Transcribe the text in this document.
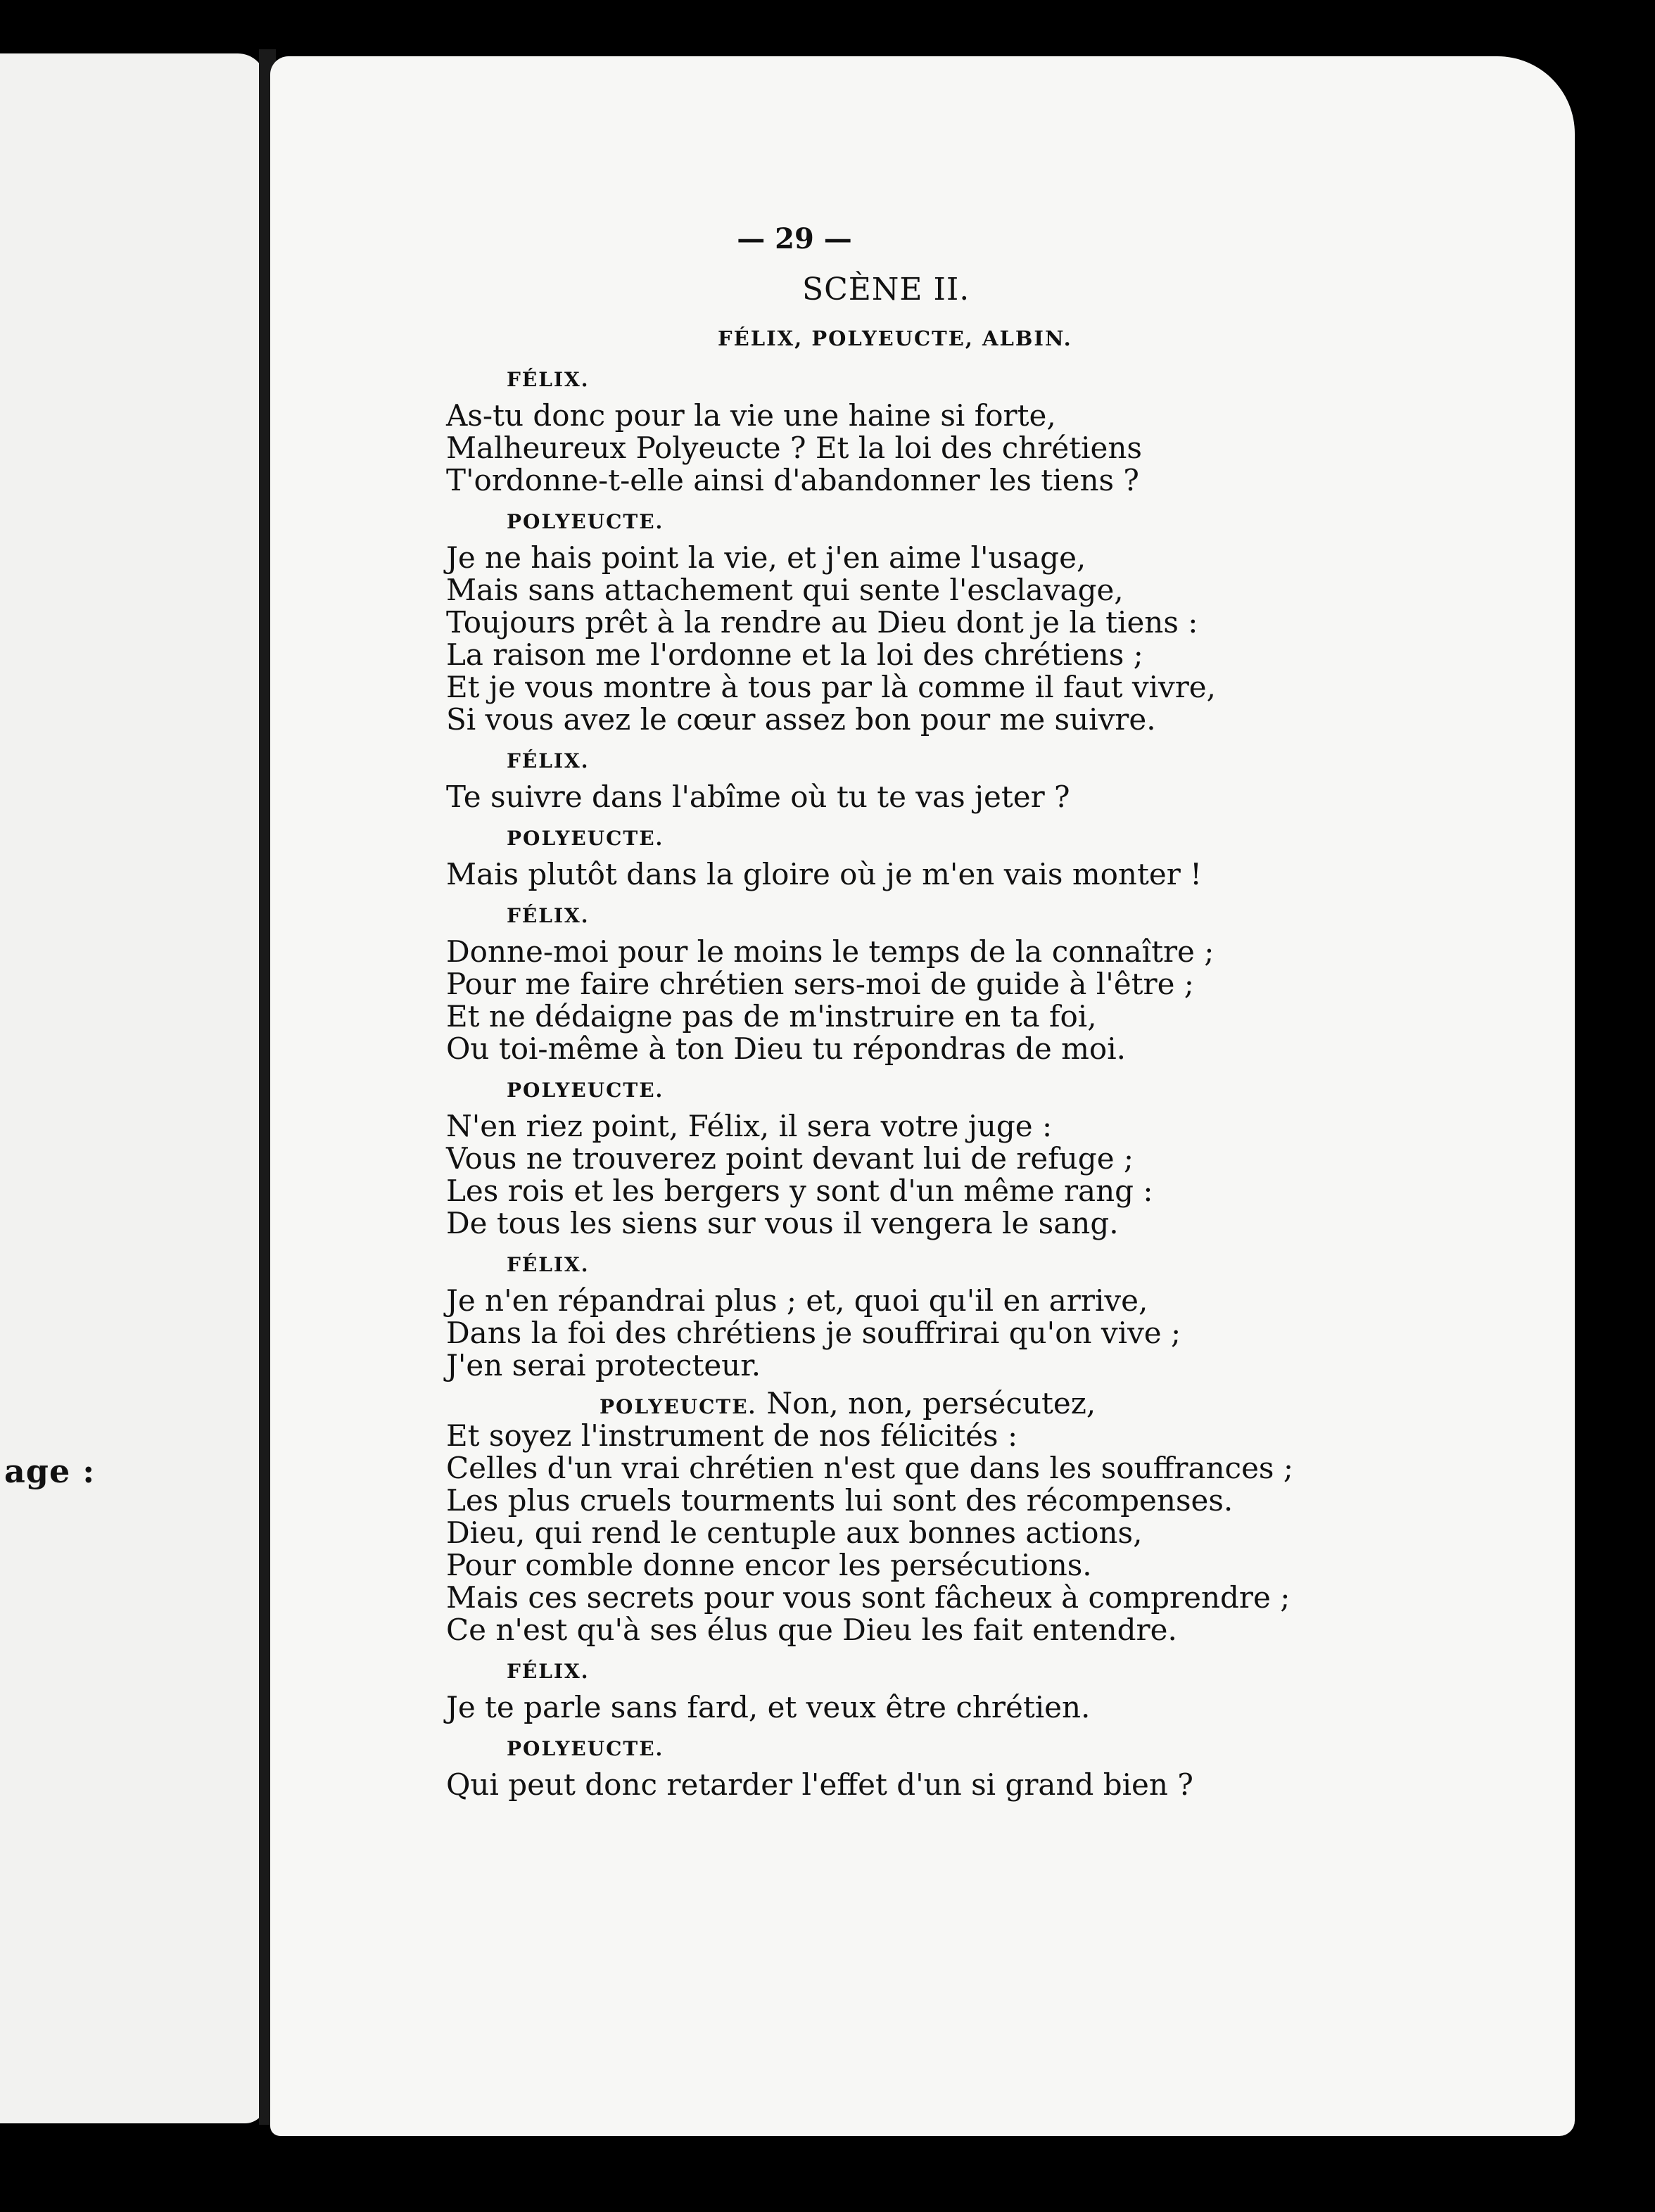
age :
— 29 —
SCÈNE II.
FÉLIX, POLYEUCTE, ALBIN.
FÉLIX.
As-tu donc pour la vie une haine si forte,
Malheureux Polyeucte ? Et la loi des chrétiens
T'ordonne-t-elle ainsi d'abandonner les tiens ?
POLYEUCTE.
Je ne hais point la vie, et j'en aime l'usage,
Mais sans attachement qui sente l'esclavage,
Toujours prêt à la rendre au Dieu dont je la tiens :
La raison me l'ordonne et la loi des chrétiens ;
Et je vous montre à tous par là comme il faut vivre,
Si vous avez le cœur assez bon pour me suivre.
FÉLIX.
Te suivre dans l'abîme où tu te vas jeter ?
POLYEUCTE.
Mais plutôt dans la gloire où je m'en vais monter !
FÉLIX.
Donne-moi pour le moins le temps de la connaître ;
Pour me faire chrétien sers-moi de guide à l'être ;
Et ne dédaigne pas de m'instruire en ta foi,
Ou toi-même à ton Dieu tu répondras de moi.
POLYEUCTE.
N'en riez point, Félix, il sera votre juge :
Vous ne trouverez point devant lui de refuge ;
Les rois et les bergers y sont d'un même rang :
De tous les siens sur vous il vengera le sang.
FÉLIX.
Je n'en répandrai plus ; et, quoi qu'il en arrive,
Dans la foi des chrétiens je souffrirai qu'on vive ;
J'en serai protecteur.
POLYEUCTE. Non, non, persécutez,
Et soyez l'instrument de nos félicités :
Celles d'un vrai chrétien n'est que dans les souffrances ;
Les plus cruels tourments lui sont des récompenses.
Dieu, qui rend le centuple aux bonnes actions,
Pour comble donne encor les persécutions.
Mais ces secrets pour vous sont fâcheux à comprendre ;
Ce n'est qu'à ses élus que Dieu les fait entendre.
FÉLIX.
Je te parle sans fard, et veux être chrétien.
POLYEUCTE.
Qui peut donc retarder l'effet d'un si grand bien ?
